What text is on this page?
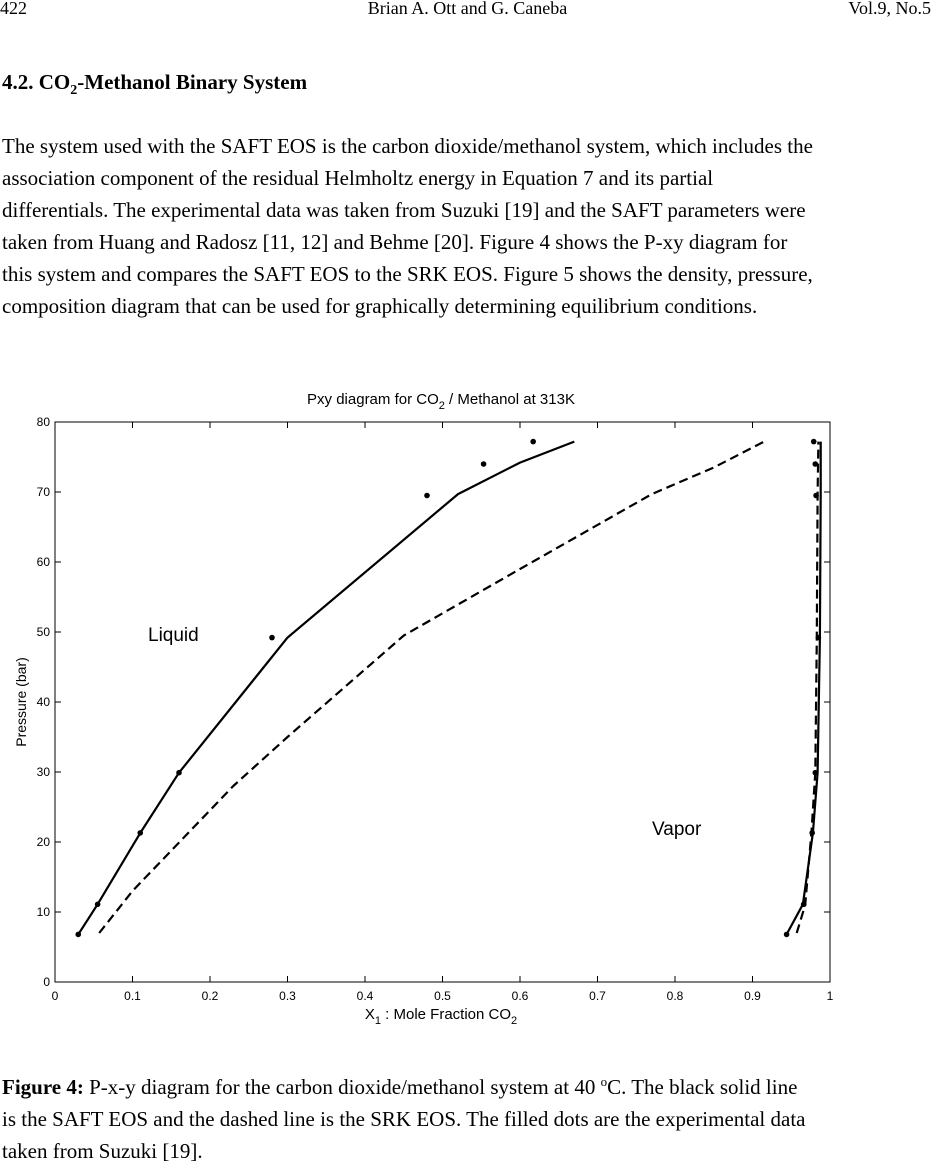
422	Brian A. Ott and G. Caneba	Vol.9, No.5
4.2. $CO_2$-Methanol Binary System
The system used with the SAFT EOS is the carbon dioxide/methanol system, which includes the
association component of the residual Helmholtz energy in Equation 7 and its partial
differentials. The experimental data was taken from Suzuki [19] and the SAFT parameters were
taken from Huang and Radosz [11, 12] and Behme [20]. Figure 4 shows the P-xy diagram for
this system and compares the SAFT EOS to the SRK EOS. Figure 5 shows the density, pressure,
composition diagram that can be used for graphically determining equilibrium conditions.
Pxy diagram for $CO_2$ / Methanol at 313K
0	0.1	0.2	0.3	0.4	0.5	0.6	0.7	0.8	0.9	1
0
10
20
30
40
50
60
70
80
Liquid
Vapor
$X_1$ : Mole Fraction $CO_2$
Pressure (bar)
Figure 4: P-x-y diagram for the carbon dioxide/methanol system at 40 $^o$C. The black solid line
is the SAFT EOS and the dashed line is the SRK EOS. The filled dots are the experimental data
taken from Suzuki [19].
